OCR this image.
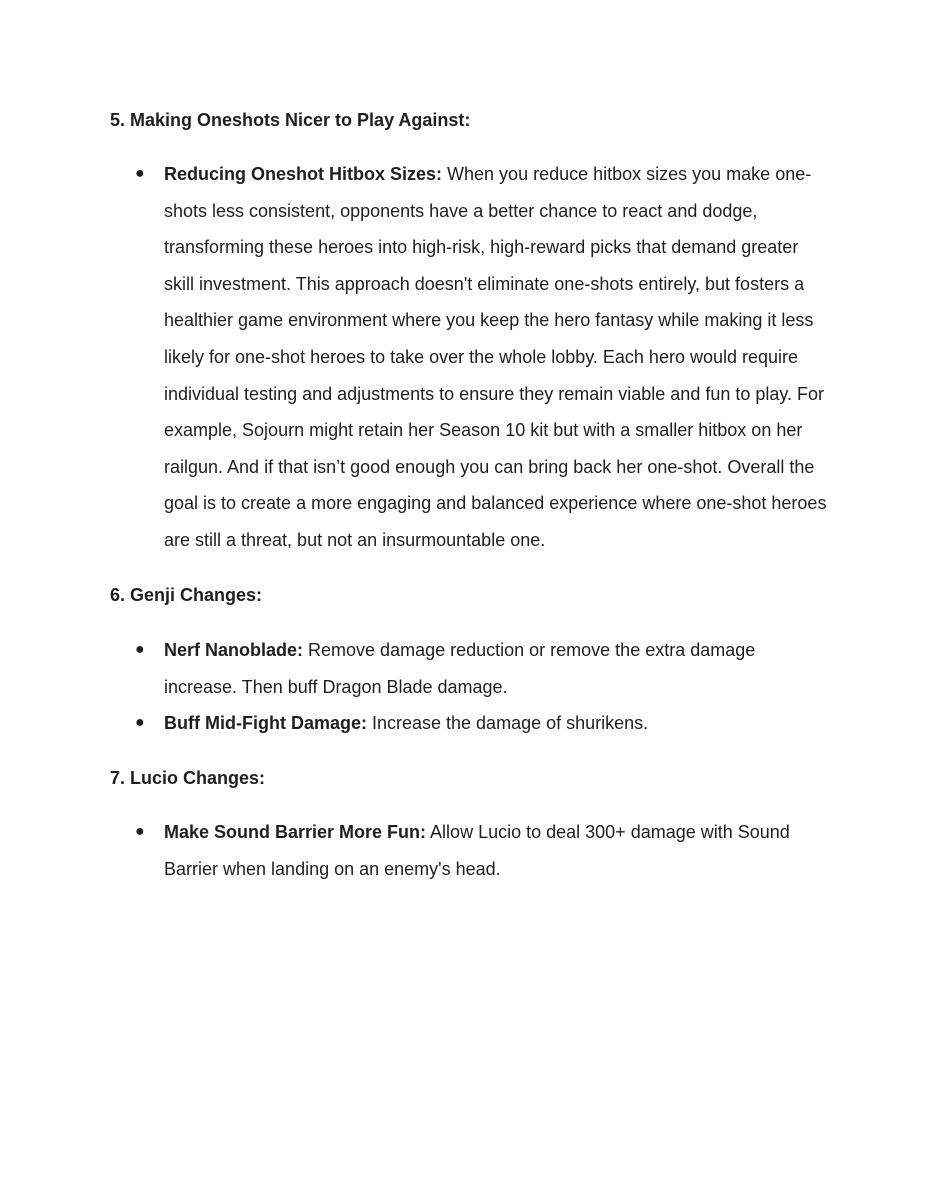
5. Making Oneshots Nicer to Play Against:
● Reducing Oneshot Hitbox Sizes: When you reduce hitbox sizes you make one-shots less consistent, opponents have a better chance to react and dodge, transforming these heroes into high-risk, high-reward picks that demand greater skill investment. This approach doesn't eliminate one-shots entirely, but fosters a healthier game environment where you keep the hero fantasy while making it less likely for one-shot heroes to take over the whole lobby. Each hero would require individual testing and adjustments to ensure they remain viable and fun to play. For example, Sojourn might retain her Season 10 kit but with a smaller hitbox on her railgun. And if that isn’t good enough you can bring back her one-shot. Overall the goal is to create a more engaging and balanced experience where one-shot heroes are still a threat, but not an insurmountable one.
6. Genji Changes:
● Nerf Nanoblade: Remove damage reduction or remove the extra damage increase. Then buff Dragon Blade damage.
● Buff Mid-Fight Damage: Increase the damage of shurikens.
7. Lucio Changes:
● Make Sound Barrier More Fun: Allow Lucio to deal 300+ damage with Sound Barrier when landing on an enemy's head.
